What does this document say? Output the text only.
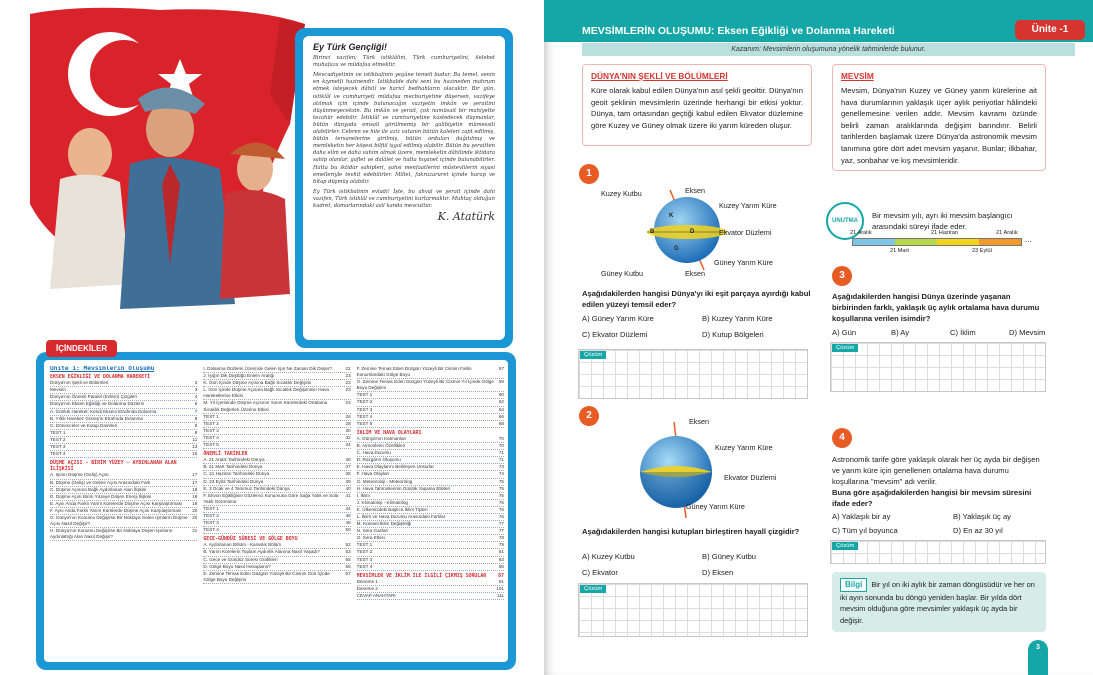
Ey Türk Gençliği!

Birinci vazifen; Türk istiklâlini, Türk cumhuriyetini, ilelebet muhafaza ve müdafaa etmektir.

Mevcudiyetinin ve istikbalinin yegâne temeli budur. Bu temel, senin en kıymetli hazinendir. İstikbalde dahi seni bu hazineden mahrum etmek isteyecek dâhilî ve haricî bedhahların olacaktır. Bir gün, istiklâl ve cumhuriyeti müdafaa mecburiyetine düşersen, vazifeye atılmak için içinde bulunacağın vaziyetin imkân ve şeraitini düşünmeyeceksin. Bu imkân ve şerait, çok namüsait bir mahiyette tezahür edebilir. İstiklâl ve cumhuriyetine kastedecek düşmanlar, bütün dünyada emsali görülmemiş bir galibiyetin mümessili olabilirler. Cebren ve hile ile aziz vatanın bütün kaleleri zapt edilmiş, bütün tersanelerine girilmiş, bütün orduları dağıtılmış ve memleketin her köşesi bilfiil işgal edilmiş olabilir. Bütün bu şeraitten daha elîm ve daha vahim olmak üzere, memleketin dâhilinde iktidara sahip olanlar, gaflet ve dalâlet ve hatta hıyanet içinde bulunabilirler. Hatta bu iktidar sahipleri, şahsi menfaatlerini müstevlilerin siyasi emelleriyle tevhit edebilirler. Millet, fakruzaruret içinde harap ve bîtap düşmüş olabilir.

Ey Türk istikbalinin evladı! İşte, bu ahval ve şerait içinde dahi vazifen, Türk istiklâl ve cumhuriyetini kurtarmaktır. Muhtaç olduğun kudret, damarlarındaki asil kanda mevcuttur.

K. Atatürk
İÇİNDEKİLER
Ünite 1: Mevsimlerin Oluşumu
EKSEN EĞİKLİĞİ VE DOLANMA HAREKETİ
Dünya'nın Şekli ve Bölümleri	3
Mevsim	3
Dünya'nın Önemli Paralel (Enlem) Çizgileri	4
Dünya'nın Eksen Eğikliği ve Dolanma Düzlemi	6
A. Günlük Hareket: Kendi Ekseni Etrafında Dolanma	7
B. Yıllık Hareket: Güneş'in Etrafında Dolanma	8
C. Dönenceler ve Kutup Daireleri	8
TEST 1	9
TEST 2	11
TEST 3	13
TEST 4	15
DÜŞME AÇISI - BİRİM YÜZEY - AYDINLANAN ALAN İLİŞKİSİ
A. Işının Düşme (Geliş) Açısı	17
B. Düşme (Geliş) ve Gelme Açısı Arasındaki Fark	17
C. Düşme Açısına Bağlı Aydınlanan Alan İlişkisi	18
D. Düşme Açısı Birim Yüzeye Düşen Enerji İlişkisi	18
E. Aynı Anda Farklı Yarım Kürelerde Düşme Açısı Karşılaştırması	19
F. Aynı Anda Farklı Yarım Kürelerde Düşme Açısı Karşılaştırması	20
G. Dünya'nın Konumu Değişirse Bir Noktaya Gelen Işınların Düşme Açısı Nasıl Değişir?
20
H. Dünya'nın Konumu Değişirse Bir Noktaya Düşen Işınların Aydınlattığı Alan Nasıl Değişir?
21
I. Dolanma Düzlemi Üzerinde Gelen Işın Ne Zaman Dik Düşer?	22
J. Işığın Dik Düştüğü Enlem Aralığı	23
K. Gün İçinde Düşme Açısına Bağlı Sıcaklık Değişimi	23
L. Gün İçinde Düşme Açısına Bağlı Sıcaklık Değişiminin Hava Hareketlerine Etkisi
23
M. Yıl İçerisinde Düşme Açısının Yarım Kürelerdeki Ortalama Sıcaklık Değerleri Üzerine Etkisi
24
TEST 1	26
TEST 2	28
TEST 3	30
TEST 4	32
TEST 5	34
ÖNEMLİ TARİHLER
A. 21 Aralık Tarihindeki Dünya	36
B. 21 Mart Tarihindeki Dünya	37
C. 21 Haziran Tarihindeki Dünya	38
D. 23 Eylül Tarihindeki Dünya	39
E. 3 Ocak ve 4 Temmuz Tarihindeki Dünya	40
F. Ekvon Eğikliğinin Gözlemci Konumuna Göre Sağa Yatık ve Sola Yatık Görünümü
41
TEST 1	44
TEST 2	46
TEST 3	48
TEST 4	50
GECE-GÜNDÜZ SÜRESİ VE GÖLGE BOYU
A. Aydınlanan Bölüm - Karanlık Bölüm	52
B. Yarım Kürelerin Toplam Aydınlık Alanına Nasıl Yaşadı?	53
C. Gece ve Gündüz Süresi Grafikleri	55
D. Gölge Boyu Nasıl Hesaplanır?	56
E. Zemine Temas Eden Düzgün Yüzeyli Bir Cismin Gün İçinde Gölge Boyu Değişimi
57
F. Zemine Temas Eden Düzgün Yüzeyli Bir Cismin Farklı Konumlardaki Gölge Boyu
57
G. Zemine Temas Eden Düzgün Yüzeyli Bir Cismin Yıl İçinde Gölge Boyu Değişimi
59
TEST 1	60
TEST 2	62
TEST 3	64
TEST 4	66
TEST 5	68
İKLİM VE HAVA OLAYLARI
A. Dünya'nın Katmanları	70
B. Atmosferin Özellikleri	70
C. Hava Durumu	71
D. Rüzgârın Oluşumu	71
E. Hava Olaylarını Belirleyen Unsurlar	73
F. Hava Olayları	74
G. Meteoroloji - Meteorolog	75
H. Hava Tahminlerinin Günlük Yaşama Etkileri	75
İ. İklim	75
J. Klimatoloji - Klimatolog	76
K. Ülkemizdeki Başlıca İklim Tipleri	76
L. İklim ve Hava Durumu Arasındaki Farklar	76
M. Küresel İklim Değişikliği	77
N. Sera Gazları	77
O. Sera Etkisi	78
TEST 1	79
TEST 2	81
TEST 3	83
TEST 4	85
MEVSİMLER VE İKLİM İLE İLGİLİ ÇIKMIŞ SORULAR 87
Deneme 1	91
Deneme 2	101
CEVAP ANAHTARI	111
MEVSİMLERİN OLUŞUMU: Eksen Eğikliği ve Dolanma Hareketi	Ünite -1
Kazanım: Mevsimlerin oluşumuna yönelik tahminlerde bulunur.
DÜNYA'NIN ŞEKLİ VE BÖLÜMLERİ
Küre olarak kabul edilen Dünya'nın asıl şekli geoittir. Dünya'nın geoit şeklinin mevsimlerin üzerinde herhangi bir etkisi yoktur. Dünya, tam ortasından geçtiği kabul edilen Ekvator düzlemine göre Kuzey ve Güney olmak üzere iki yarım küreden oluşur.
MEVSİM
Mevsim, Dünya'nın Kuzey ve Güney yarım kürelerine ait hava durumlarının yaklaşık üçer aylık periyotlar hâlindeki genellemesine verilen addır. Mevsim kavramı özünde belirli zaman aralıklarında değişim barındırır. Belirli tarihlerden başlamak üzere Dünya'da astronomik mevsim tanımına göre dört adet mevsim yaşanır. Bunlar; ilkbahar, yaz, sonbahar ve kış mevsimleridir.
1
K
B	D
G
Kuzey Kutbu	Eksen
Kuzey Yarım Küre
Ekvator Düzlemi
Güney Yarım Küre
Güney Kutbu	Eksen
Aşağıdakilerden hangisi Dünya'yı iki eşit parçaya ayırdığı kabul edilen yüzeyi temsil eder?
A) Güney Yarım Küre	B) Kuzey Yarım Küre
C) Ekvator Düzlemi	D) Kutup Bölgeleri
Çözüm
2
Eksen
Kuzey Yarım Küre
Ekvator Düzlemi
Güney Yarım Küre
Aşağıdakilerden hangisi kutupları birleştiren hayalî çizgidir?
A) Kuzey Kutbu	B) Güney Kutbu
C) Ekvator	D) Eksen
Çözüm
UNUTMA
Bir mevsim yılı, ayrı iki mevsim başlangıcı arasındaki süreyi ifade eder.
21 Aralık	21 Haziran	21 Aralık
...
21 Mart	23 Eylül
3
Aşağıdakilerden hangisi Dünya üzerinde yaşanan birbirinden farklı, yaklaşık üç aylık ortalama hava durumu koşullarına verilen isimdir?
A) Gün	B) Ay	C) İklim	D) Mevsim
Çözüm
4
Astronomik tarife göre yaklaşık olarak her üç ayda bir değişen ve yarım küre için genellenen ortalama hava durumu koşullarına "mevsim" adı verilir.
Buna göre aşağıdakilerden hangisi bir mevsim süresini ifade eder?
A) Yaklaşık bir ay	B) Yaklaşık üç ay
C) Tüm yıl boyunca	D) En az 30 yıl
Çözüm
Bilgi Bir yıl on iki aylık bir zaman döngüsüdür ve her on iki ayın sonunda bu döngü yeniden başlar. Bir yılda dört mevsim olduğuna göre mevsimler yaklaşık üç ayda bir değişir.
3
